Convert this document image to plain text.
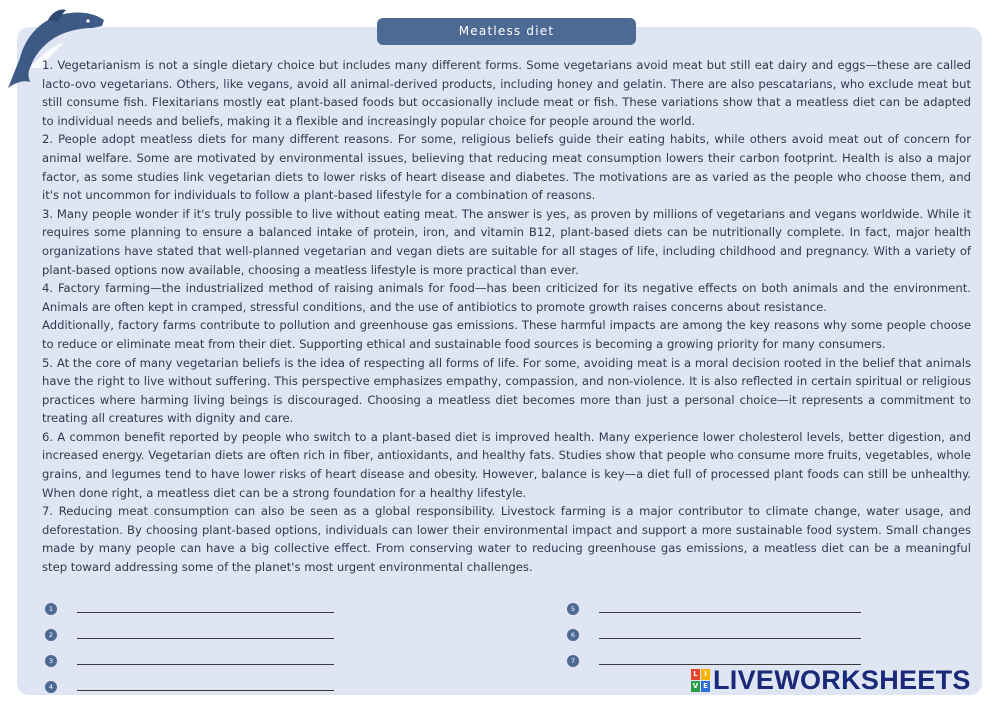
Meatless diet

1. Vegetarianism is not a single dietary choice but includes many different forms. Some vegetarians avoid meat but still eat dairy and eggs—these are called lacto-ovo vegetarians. Others, like vegans, avoid all animal-derived products, including honey and gelatin. There are also pescatarians, who exclude meat but still consume fish. Flexitarians mostly eat plant-based foods but occasionally include meat or fish. These variations show that a meatless diet can be adapted to individual needs and beliefs, making it a flexible and increasingly popular choice for people around the world.

2. People adopt meatless diets for many different reasons. For some, religious beliefs guide their eating habits, while others avoid meat out of concern for animal welfare. Some are motivated by environmental issues, believing that reducing meat consumption lowers their carbon footprint. Health is also a major factor, as some studies link vegetarian diets to lower risks of heart disease and diabetes. The motivations are as varied as the people who choose them, and it's not uncommon for individuals to follow a plant-based lifestyle for a combination of reasons.

3. Many people wonder if it's truly possible to live without eating meat. The answer is yes, as proven by millions of vegetarians and vegans worldwide. While it requires some planning to ensure a balanced intake of protein, iron, and vitamin B12, plant-based diets can be nutritionally complete. In fact, major health organizations have stated that well-planned vegetarian and vegan diets are suitable for all stages of life, including childhood and pregnancy. With a variety of plant-based options now available, choosing a meatless lifestyle is more practical than ever.

4. Factory farming—the industrialized method of raising animals for food—has been criticized for its negative effects on both animals and the environment. Animals are often kept in cramped, stressful conditions, and the use of antibiotics to promote growth raises concerns about resistance.

Additionally, factory farms contribute to pollution and greenhouse gas emissions. These harmful impacts are among the key reasons why some people choose to reduce or eliminate meat from their diet. Supporting ethical and sustainable food sources is becoming a growing priority for many consumers.

5. At the core of many vegetarian beliefs is the idea of respecting all forms of life. For some, avoiding meat is a moral decision rooted in the belief that animals have the right to live without suffering. This perspective emphasizes empathy, compassion, and non-violence. It is also reflected in certain spiritual or religious practices where harming living beings is discouraged. Choosing a meatless diet becomes more than just a personal choice—it represents a commitment to treating all creatures with dignity and care.

6. A common benefit reported by people who switch to a plant-based diet is improved health. Many experience lower cholesterol levels, better digestion, and increased energy. Vegetarian diets are often rich in fiber, antioxidants, and healthy fats. Studies show that people who consume more fruits, vegetables, whole grains, and legumes tend to have lower risks of heart disease and obesity. However, balance is key—a diet full of processed plant foods can still be unhealthy. When done right, a meatless diet can be a strong foundation for a healthy lifestyle.

7. Reducing meat consumption can also be seen as a global responsibility. Livestock farming is a major contributor to climate change, water usage, and deforestation. By choosing plant-based options, individuals can lower their environmental impact and support a more sustainable food system. Small changes made by many people can have a big collective effect. From conserving water to reducing greenhouse gas emissions, a meatless diet can be a meaningful step toward addressing some of the planet's most urgent environmental challenges.

1
2
3
4
5
6
7
L I
V E LIVEWORKSHEETS
